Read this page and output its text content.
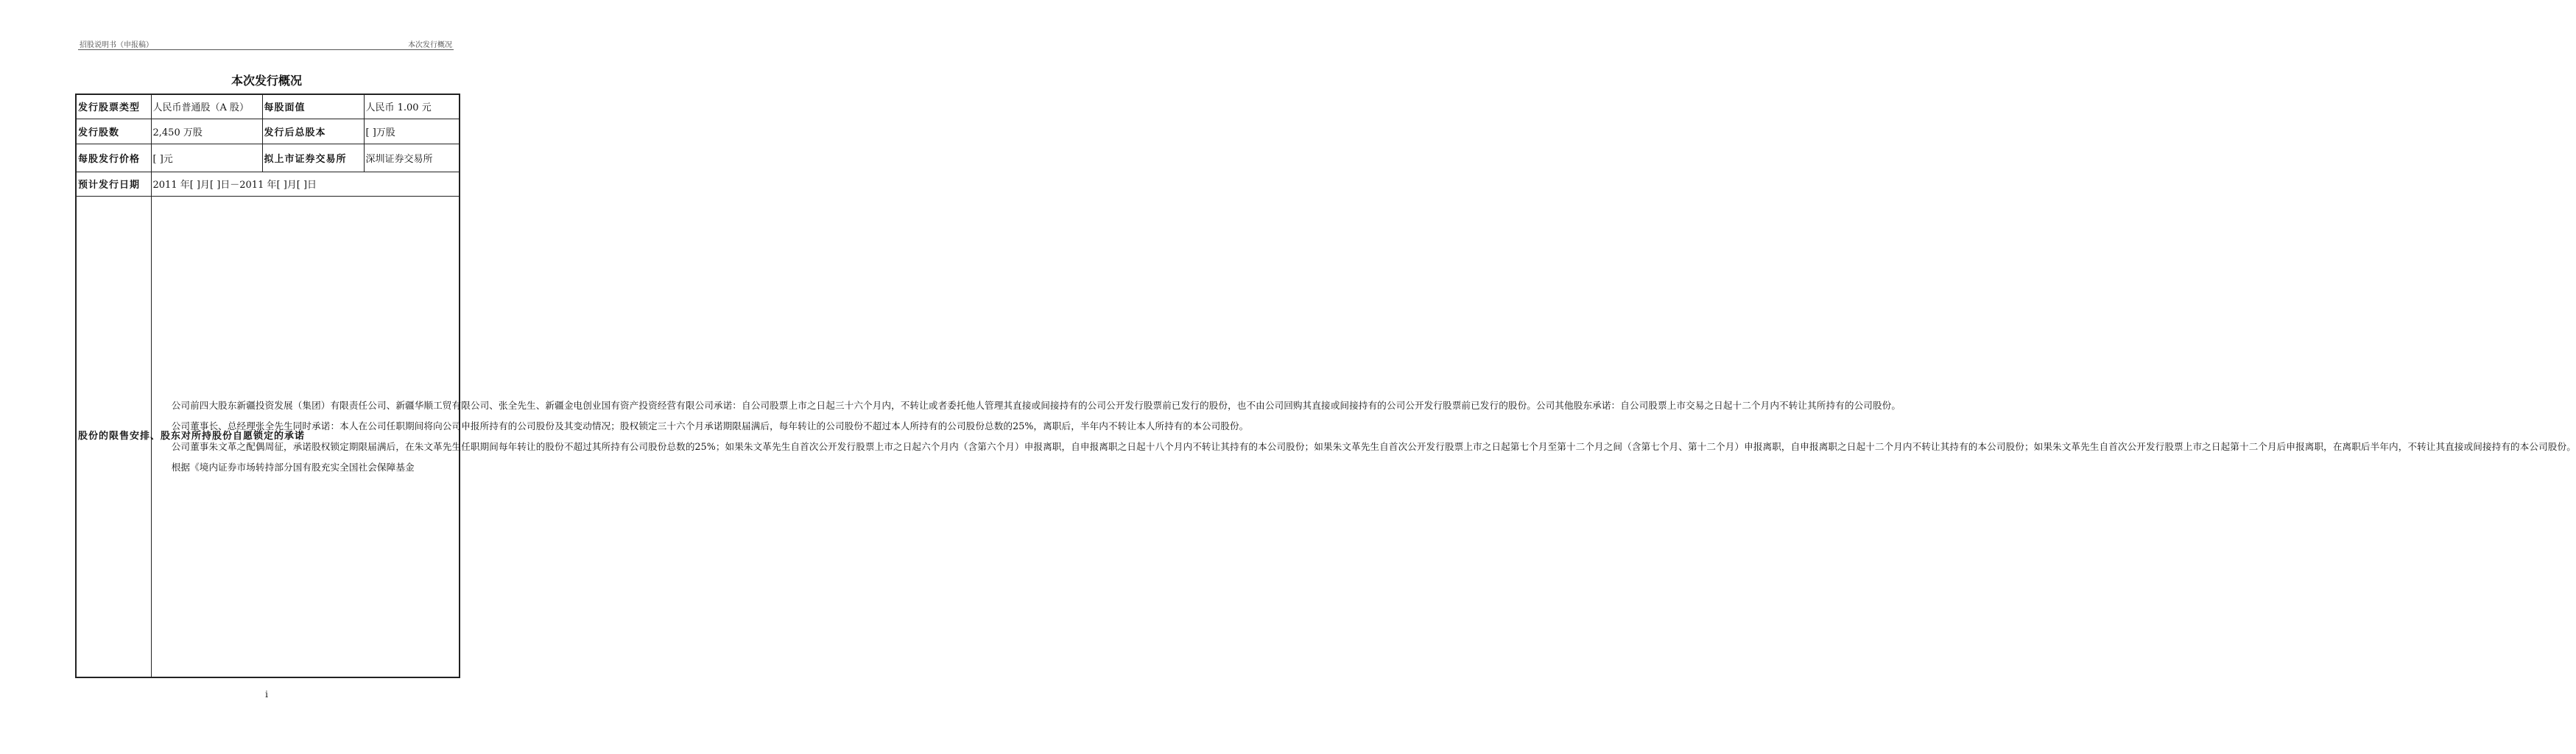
招股说明书（申报稿）	本次发行概况
本次发行概况
发行股票类型	人民币普通股（A 股）	每股面值	人民币 1.00 元
发行股数	2,450 万股	发行后总股本	[ ]万股
每股发行价格	[ ]元	拟上市证券交易所	深圳证券交易所
预计发行日期	2011 年[ ]月[ ]日－2011 年[ ]月[ ]日		
股份的限售安排、股东对所持股份自愿锁定的承诺	公司前四大股东新疆投资发展（集团）有限责任公司、新疆华顺工贸有限公司、张全先生、新疆金电创业国有资产投资经营有限公司承诺：自公司股票上市之日起三十六个月内，不转让或者委托他人管理其直接或间接持有的公司公开发行股票前已发行的股份，也不由公司回购其直接或间接持有的公司公开发行股票前已发行的股份。公司其他股东承诺：自公司股票上市交易之日起十二个月内不转让其所持有的公司股份。

公司董事长、总经理张全先生同时承诺：本人在公司任职期间将向公司申报所持有的公司股份及其变动情况；股权锁定三十六个月承诺期限届满后，每年转让的公司股份不超过本人所持有的公司股份总数的25%，离职后，半年内不转让本人所持有的本公司股份。

公司董事朱文革之配偶周征，承诺股权锁定期限届满后，在朱文革先生任职期间每年转让的股份不超过其所持有公司股份总数的25%；如果朱文革先生自首次公开发行股票上市之日起六个月内（含第六个月）申报离职，自申报离职之日起十八个月内不转让其持有的本公司股份；如果朱文革先生自首次公开发行股票上市之日起第七个月至第十二个月之间（含第七个月、第十二个月）申报离职，自申报离职之日起十二个月内不转让其持有的本公司股份；如果朱文革先生自首次公开发行股票上市之日起第十二个月后申报离职，在离职后半年内，不转让其直接或间接持有的本公司股份。

根据《境内证券市场转持部分国有股充实全国社会保障基金		

i
